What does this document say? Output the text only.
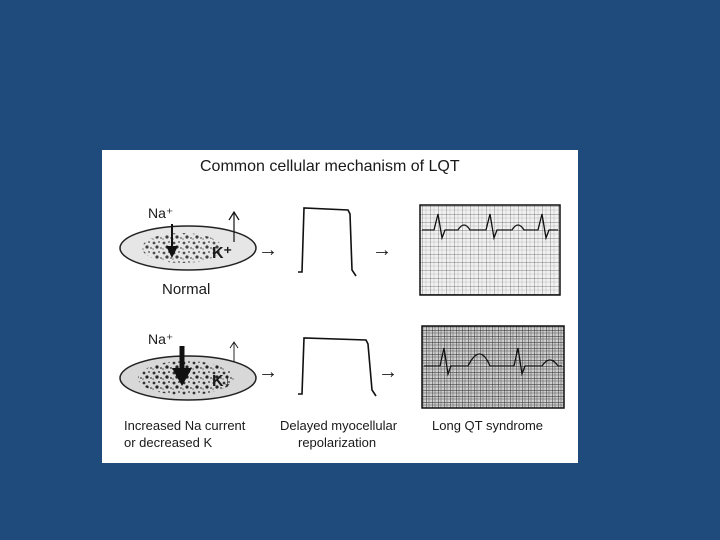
Common cellular mechanism of LQT
Na⁺
K⁺
Normal
→	→
Na⁺
K↓ →	→
Increased Na current
or decreased K
Delayed myocellular
repolarization
Long QT syndrome
